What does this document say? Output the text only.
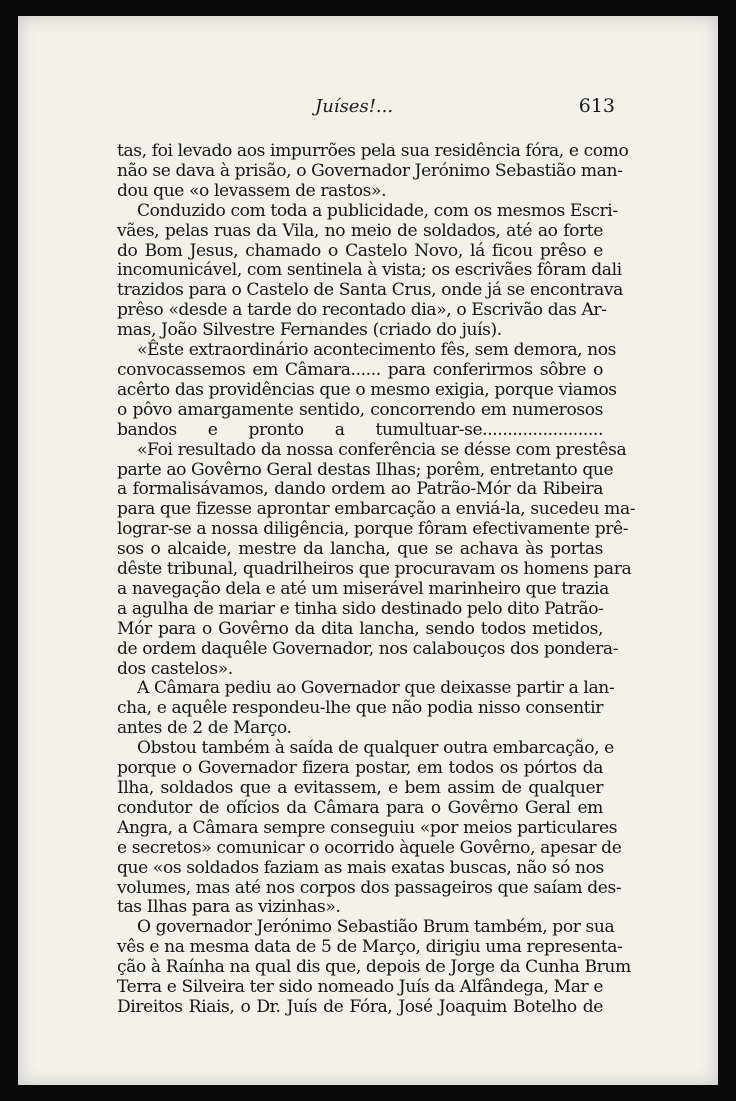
Juíses!...	613
tas, foi levado aos impurrões pela sua residência fóra, e como
não se dava à prisão, o Governador Jerónimo Sebastião man-
dou que «o levassem de rastos».
Conduzido com toda a publicidade, com os mesmos Escri-
vães, pelas ruas da Vila, no meio de soldados, até ao forte
do Bom Jesus, chamado o Castelo Novo, lá ficou prêso e
incomunicável, com sentinela à vista; os escrivães fôram dali
trazidos para o Castelo de Santa Crus, onde já se encontrava
prêso «desde a tarde do recontado dia», o Escrivão das Ar-
mas, João Silvestre Fernandes (criado do juís).
«Êste extraordinário acontecimento fês, sem demora, nos
convocassemos em Câmara...... para conferirmos sôbre o
acêrto das providências que o mesmo exigia, porque viamos
o pôvo amargamente sentido, concorrendo em numerosos
bandos e pronto a tumultuar-se........................
«Foi resultado da nossa conferência se désse com prestêsa
parte ao Govêrno Geral destas Ilhas; porêm, entretanto que
a formalisávamos, dando ordem ao Patrão-Mór da Ribeira
para que fizesse aprontar embarcação a enviá-la, sucedeu ma-
lograr-se a nossa diligência, porque fôram efectivamente prê-
sos o alcaide, mestre da lancha, que se achava às portas
dêste tribunal, quadrilheiros que procuravam os homens para
a navegação dela e até um miserável marinheiro que trazia
a agulha de mariar e tinha sido destinado pelo dito Patrão-
Mór para o Govêrno da dita lancha, sendo todos metidos,
de ordem daquêle Governador, nos calabouços dos pondera-
dos castelos».
A Câmara pediu ao Governador que deixasse partir a lan-
cha, e aquêle respondeu-lhe que não podia nisso consentir
antes de 2 de Março.
Obstou também à saída de qualquer outra embarcação, e
porque o Governador fizera postar, em todos os pórtos da
Ilha, soldados que a evitassem, e bem assim de qualquer
condutor de ofícios da Câmara para o Govêrno Geral em
Angra, a Câmara sempre conseguiu «por meios particulares
e secretos» comunicar o ocorrido àquele Govêrno, apesar de
que «os soldados faziam as mais exatas buscas, não só nos
volumes, mas até nos corpos dos passageiros que saíam des-
tas Ilhas para as vizinhas».
O governador Jerónimo Sebastião Brum também, por sua
vês e na mesma data de 5 de Março, dirigiu uma representa-
ção à Raínha na qual dis que, depois de Jorge da Cunha Brum
Terra e Silveira ter sido nomeado Juís da Alfândega, Mar e
Direitos Riais, o Dr. Juís de Fóra, José Joaquim Botelho de
